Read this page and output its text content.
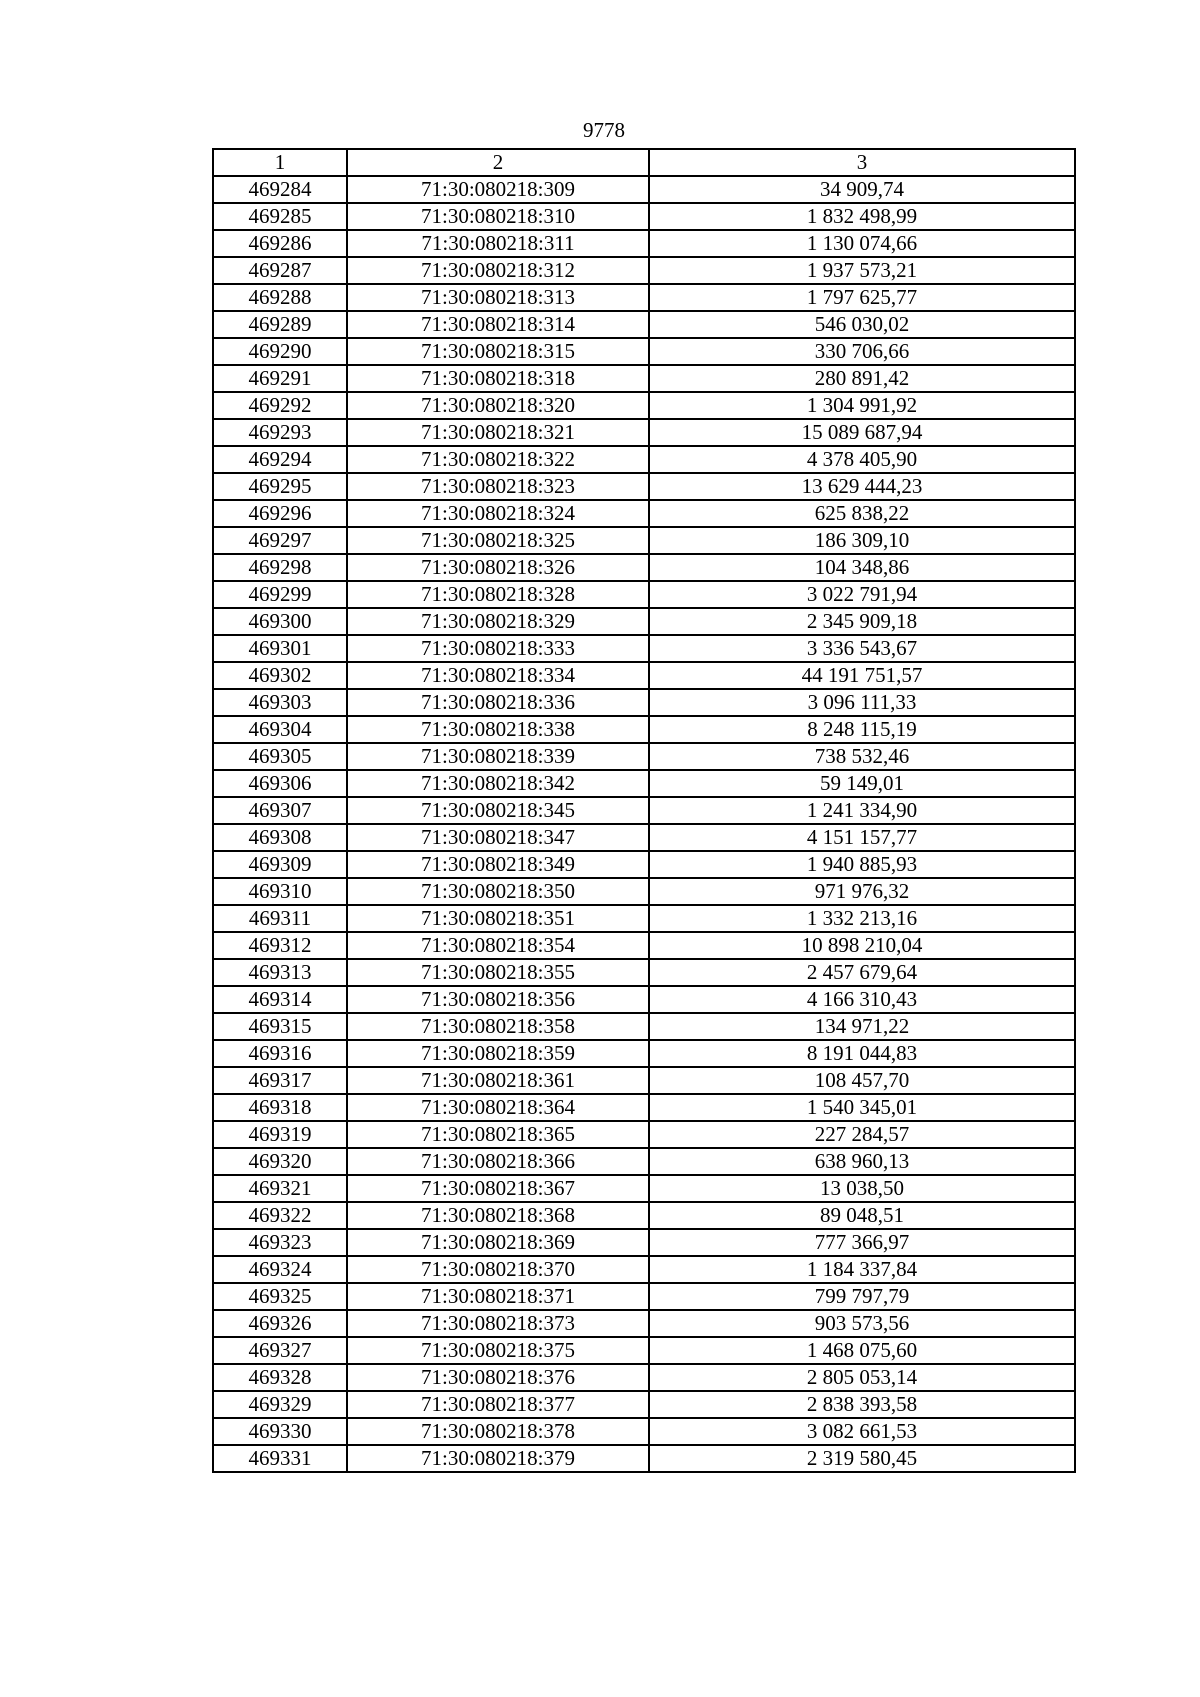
9778
1	2	3
469284	71:30:080218:309	34 909,74
469285	71:30:080218:310	1 832 498,99
469286	71:30:080218:311	1 130 074,66
469287	71:30:080218:312	1 937 573,21
469288	71:30:080218:313	1 797 625,77
469289	71:30:080218:314	546 030,02
469290	71:30:080218:315	330 706,66
469291	71:30:080218:318	280 891,42
469292	71:30:080218:320	1 304 991,92
469293	71:30:080218:321	15 089 687,94
469294	71:30:080218:322	4 378 405,90
469295	71:30:080218:323	13 629 444,23
469296	71:30:080218:324	625 838,22
469297	71:30:080218:325	186 309,10
469298	71:30:080218:326	104 348,86
469299	71:30:080218:328	3 022 791,94
469300	71:30:080218:329	2 345 909,18
469301	71:30:080218:333	3 336 543,67
469302	71:30:080218:334	44 191 751,57
469303	71:30:080218:336	3 096 111,33
469304	71:30:080218:338	8 248 115,19
469305	71:30:080218:339	738 532,46
469306	71:30:080218:342	59 149,01
469307	71:30:080218:345	1 241 334,90
469308	71:30:080218:347	4 151 157,77
469309	71:30:080218:349	1 940 885,93
469310	71:30:080218:350	971 976,32
469311	71:30:080218:351	1 332 213,16
469312	71:30:080218:354	10 898 210,04
469313	71:30:080218:355	2 457 679,64
469314	71:30:080218:356	4 166 310,43
469315	71:30:080218:358	134 971,22
469316	71:30:080218:359	8 191 044,83
469317	71:30:080218:361	108 457,70
469318	71:30:080218:364	1 540 345,01
469319	71:30:080218:365	227 284,57
469320	71:30:080218:366	638 960,13
469321	71:30:080218:367	13 038,50
469322	71:30:080218:368	89 048,51
469323	71:30:080218:369	777 366,97
469324	71:30:080218:370	1 184 337,84
469325	71:30:080218:371	799 797,79
469326	71:30:080218:373	903 573,56
469327	71:30:080218:375	1 468 075,60
469328	71:30:080218:376	2 805 053,14
469329	71:30:080218:377	2 838 393,58
469330	71:30:080218:378	3 082 661,53
469331	71:30:080218:379	2 319 580,45
